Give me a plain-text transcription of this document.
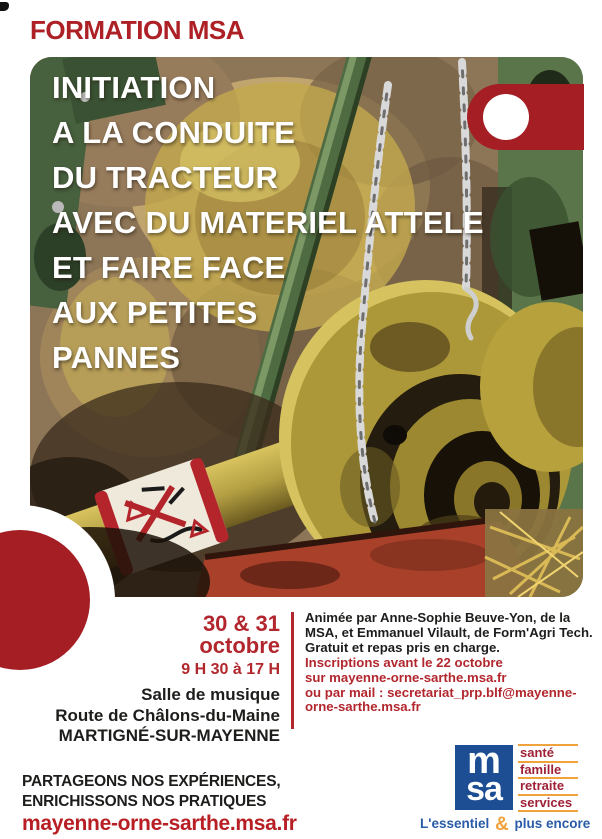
FORMATION MSA
INITIATION
A LA CONDUITE
DU TRACTEUR
AVEC DU MATERIEL ATTELE
ET FAIRE FACE
AUX PETITES
PANNES
30 & 31
octobre
9 H 30 à 17 H
Salle de musique
Route de Châlons-du-Maine
MARTIGNÉ-SUR-MAYENNE
Animée par Anne-Sophie Beuve-Yon, de la
MSA, et Emmanuel Vilault, de Form'Agri Tech.
Gratuit et repas pris en charge.
Inscriptions avant le 22 octobre
sur mayenne-orne-sarthe.msa.fr
ou par mail : secretariat_prp.blf@mayenne-
orne-sarthe.msa.fr
PARTAGEONS NOS EXPÉRIENCES,
ENRICHISSONS NOS PRATIQUES
mayenne-orne-sarthe.msa.fr
m
sa
santé
famille
retraite
services
L'essentiel & plus encore
